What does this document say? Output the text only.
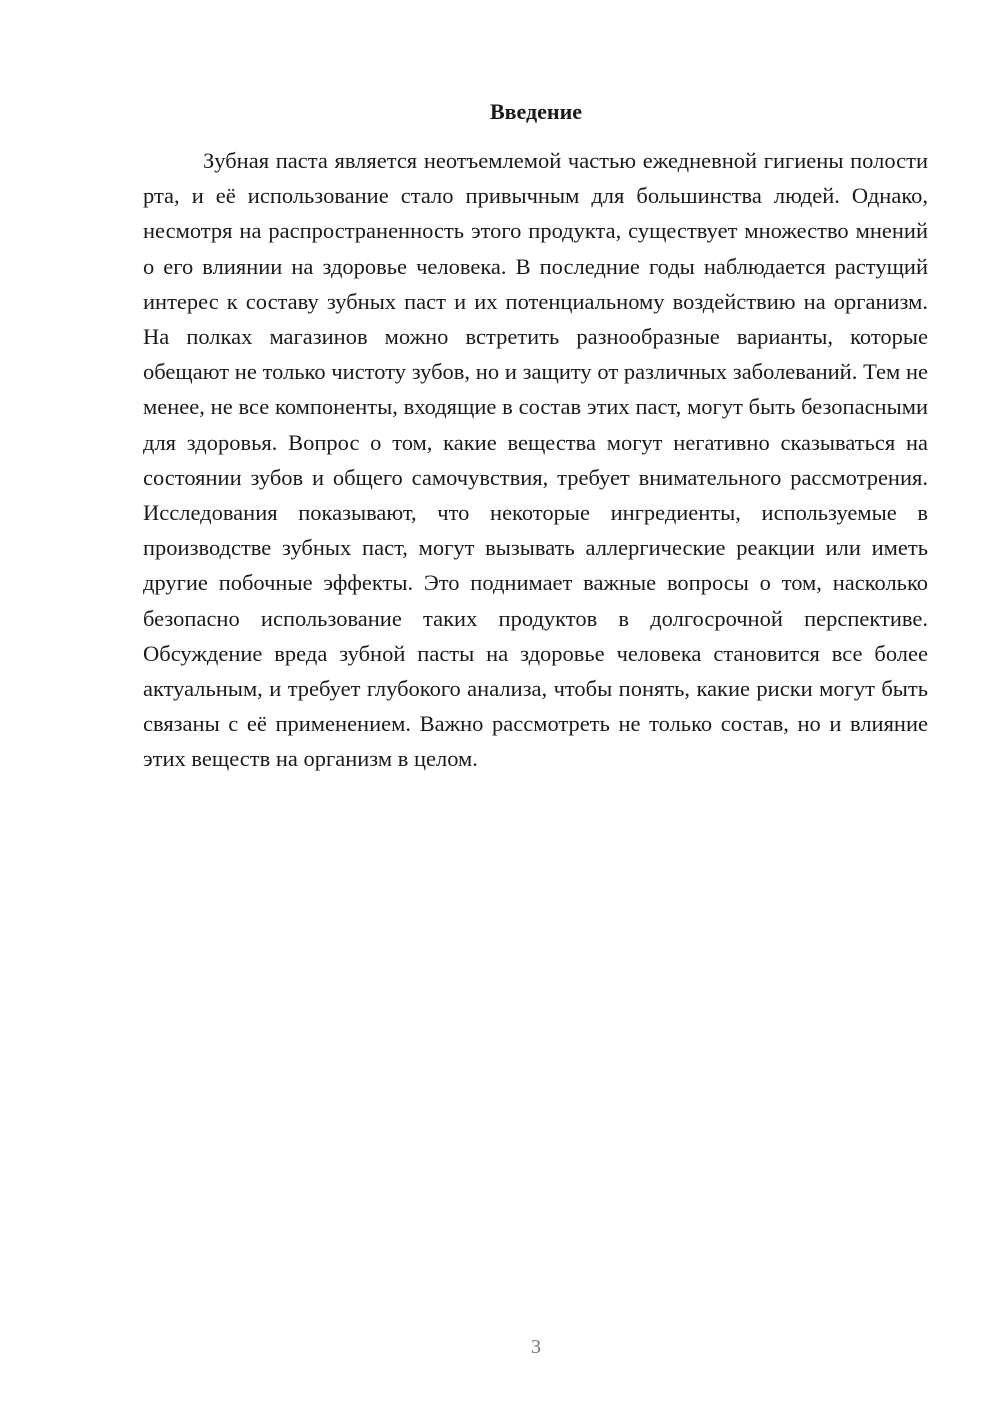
Введение

Зубная паста является неотъемлемой частью ежедневной гигиены полости рта, и её использование стало привычным для большинства людей. Однако, несмотря на распространенность этого продукта, существует множество мнений о его влиянии на здоровье человека. В последние годы наблюдается растущий интерес к составу зубных паст и их потенциальному воздействию на организм. На полках магазинов можно встретить разнообразные варианты, которые обещают не только чистоту зубов, но и защиту от различных заболеваний. Тем не менее, не все компоненты, входящие в состав этих паст, могут быть безопасными для здоровья. Вопрос о том, какие вещества могут негативно сказываться на состоянии зубов и общего самочувствия, требует внимательного рассмотрения. Исследования показывают, что некоторые ингредиенты, используемые в производстве зубных паст, могут вызывать аллергические реакции или иметь другие побочные эффекты. Это поднимает важные вопросы о том, насколько безопасно использование таких продуктов в долгосрочной перспективе. Обсуждение вреда зубной пасты на здоровье человека становится все более актуальным, и требует глубокого анализа, чтобы понять, какие риски могут быть связаны с её применением. Важно рассмотреть не только состав, но и влияние этих веществ на организм в целом.

3
